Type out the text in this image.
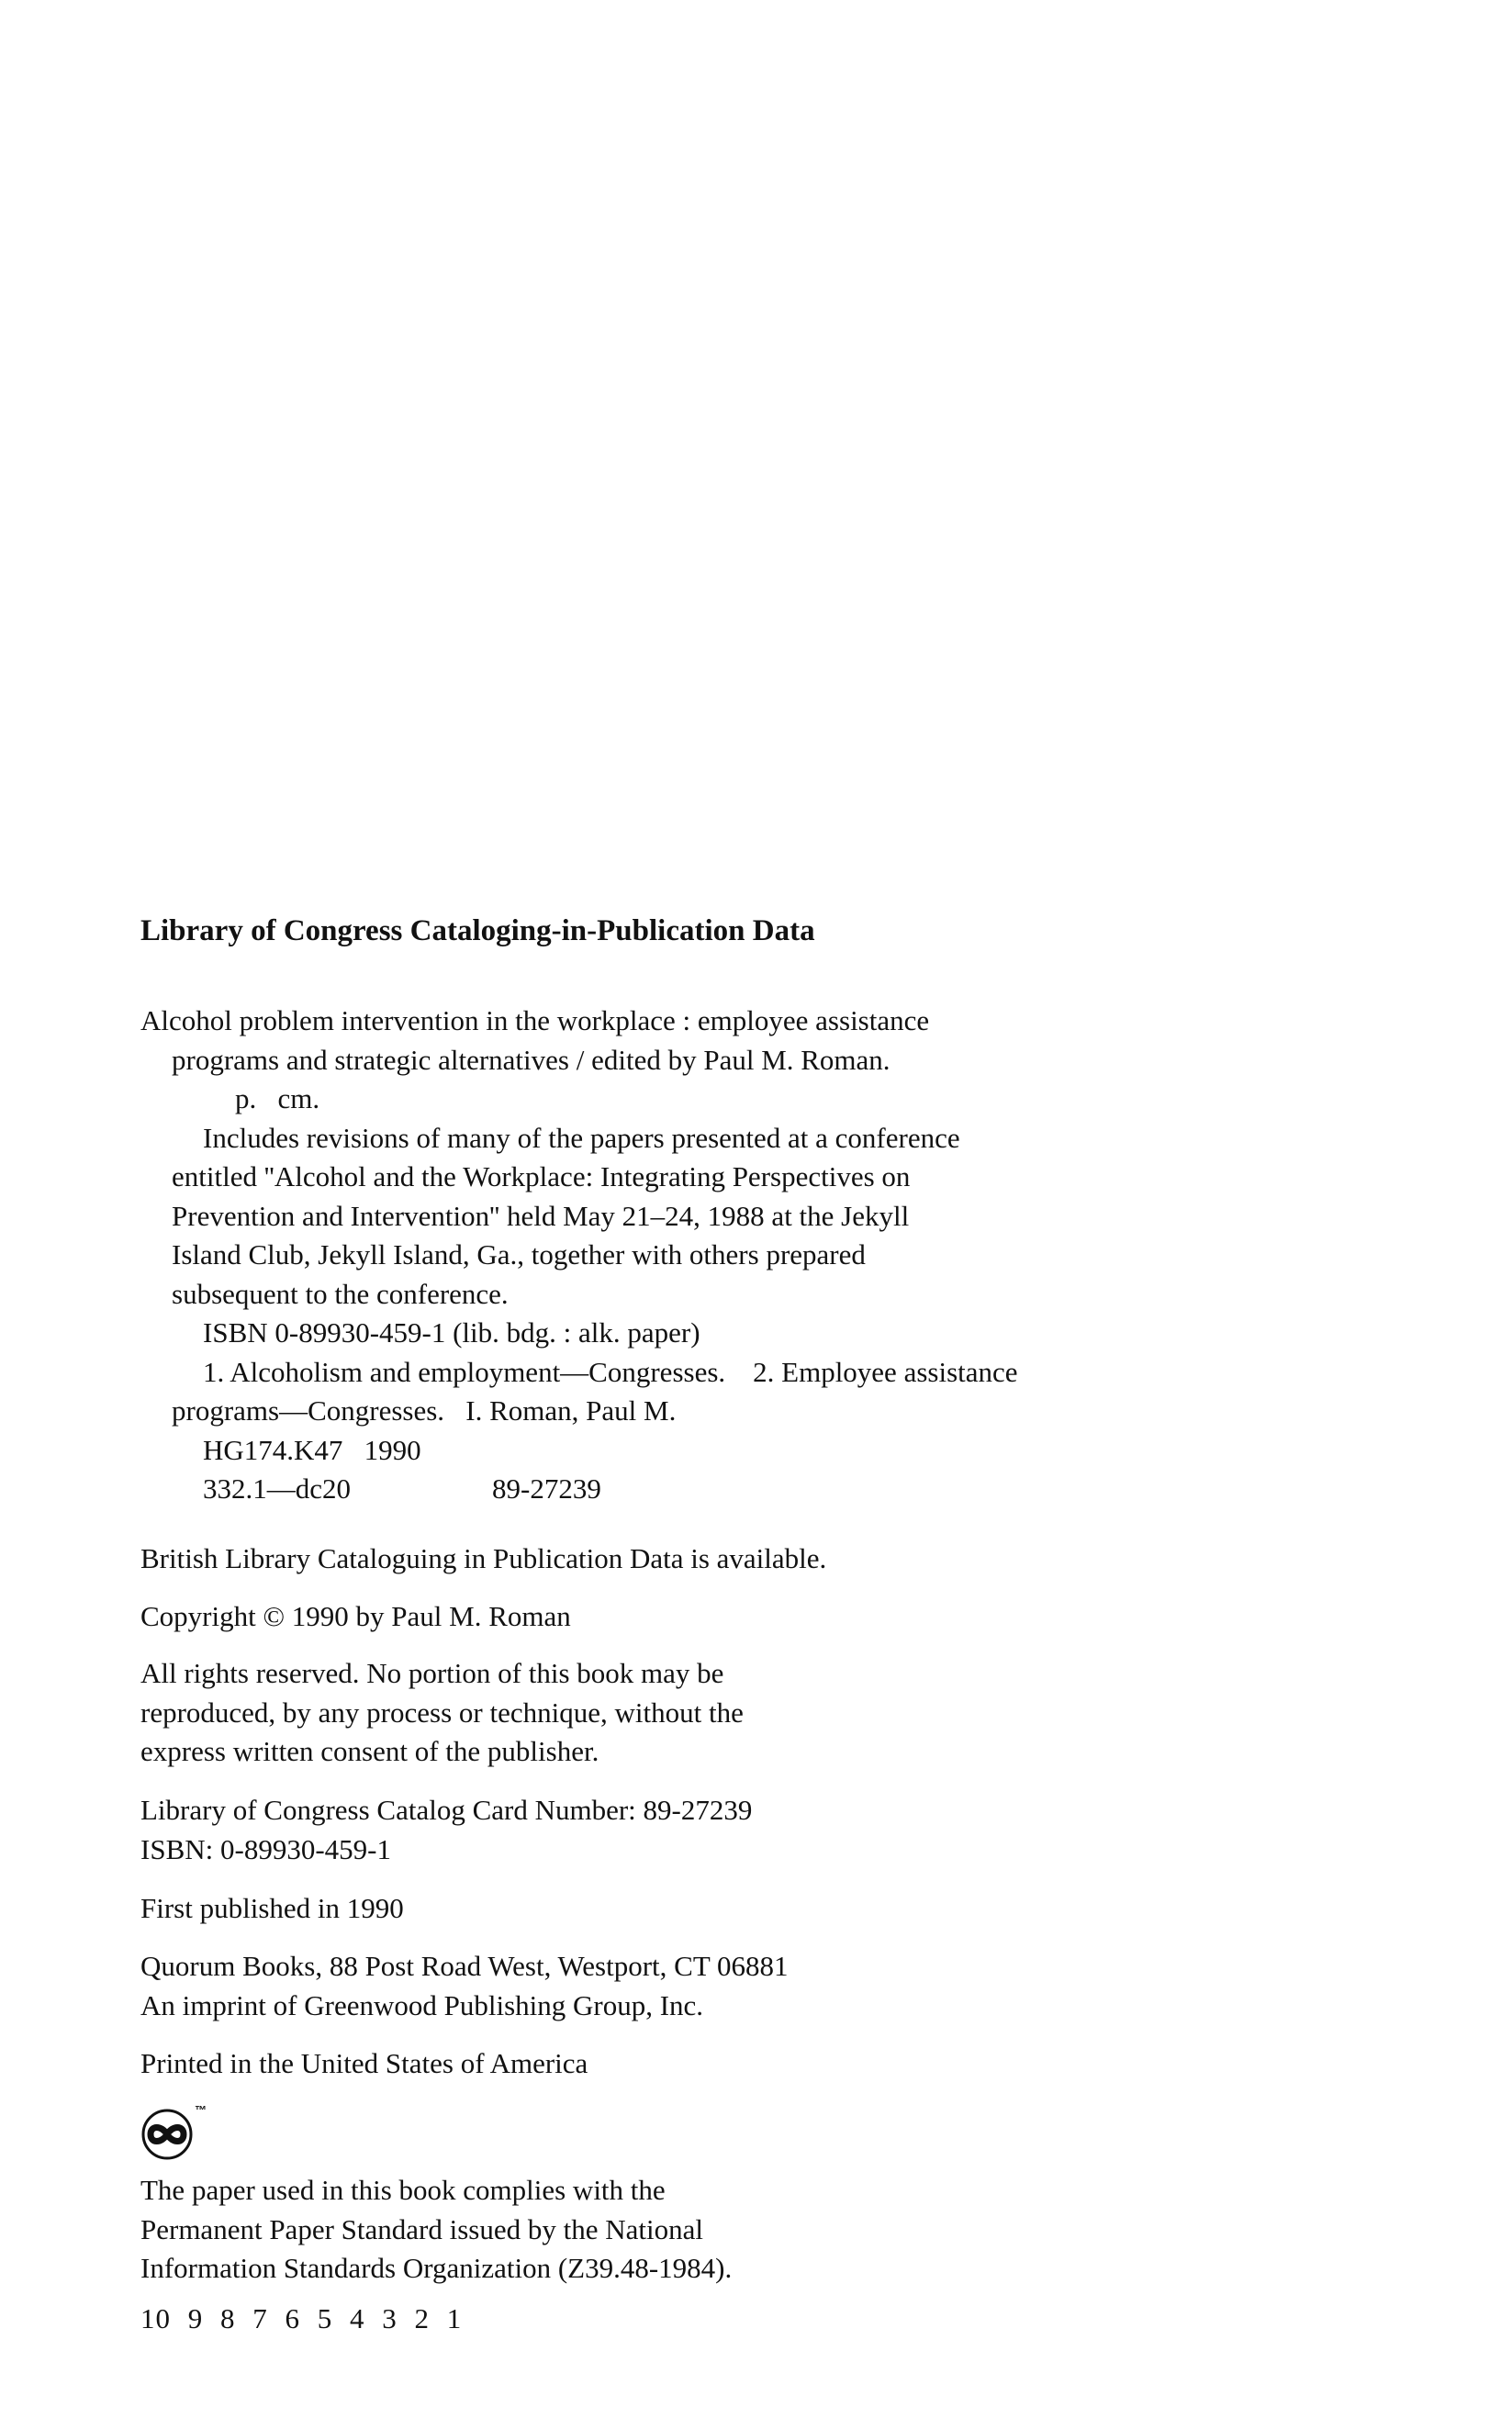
Library of Congress Cataloging-in-Publication Data
Alcohol problem intervention in the workplace : employee assistance
programs and strategic alternatives / edited by Paul M. Roman.
p.   cm.
Includes revisions of many of the papers presented at a conference
entitled ''Alcohol and the Workplace: Integrating Perspectives on
Prevention and Intervention'' held May 21–24, 1988 at the Jekyll
Island Club, Jekyll Island, Ga., together with others prepared
subsequent to the conference.
ISBN 0-89930-459-1 (lib. bdg. : alk. paper)
1. Alcoholism and employment—Congresses. 2. Employee assistance
programs—Congresses.   I. Roman, Paul M.
HG174.K47   1990
332.1—dc20	89-27239
British Library Cataloguing in Publication Data is available.
Copyright © 1990 by Paul M. Roman
All rights reserved. No portion of this book may be
reproduced, by any process or technique, without the
express written consent of the publisher.
Library of Congress Catalog Card Number: 89-27239
ISBN: 0-89930-459-1
First published in 1990
Quorum Books, 88 Post Road West, Westport, CT 06881
An imprint of Greenwood Publishing Group, Inc.
Printed in the United States of America
™
The paper used in this book complies with the
Permanent Paper Standard issued by the National
Information Standards Organization (Z39.48-1984).
10 9 8 7 6 5 4 3 2 1
